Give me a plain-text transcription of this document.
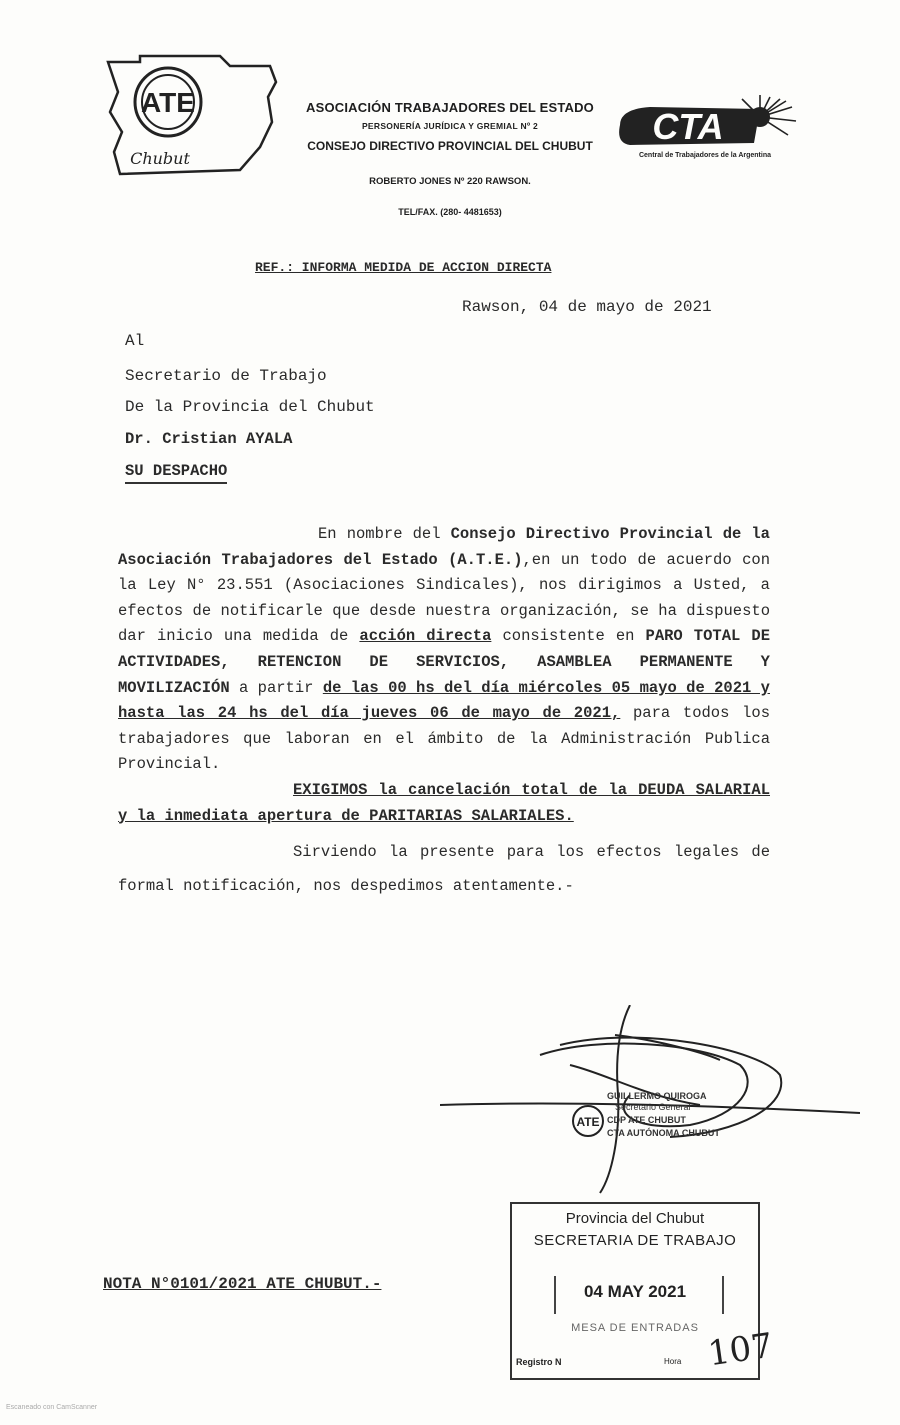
ATE
Chubut
ASOCIACIÓN TRABAJADORES DEL ESTADO
PERSONERÍA JURÍDICA Y GREMIAL Nº 2
CONSEJO DIRECTIVO PROVINCIAL DEL CHUBUT
ROBERTO JONES Nº 220 RAWSON.
TEL/FAX. (280- 4481653)
CTA
Central de Trabajadores de la Argentina
REF.: INFORMA MEDIDA DE ACCION DIRECTA
Rawson, 04 de mayo de 2021
Al
Secretario de Trabajo
De la Provincia del Chubut
Dr. Cristian AYALA
SU DESPACHO

En nombre del Consejo Directivo Provincial de la Asociación Trabajadores del Estado (A.T.E.),en un todo de acuerdo con la Ley N° 23.551 (Asociaciones Sindicales), nos dirigimos a Usted, a efectos de notificarle que desde nuestra organización, se ha dispuesto dar inicio una medida de acción directa consistente en PARO TOTAL DE ACTIVIDADES, RETENCION DE SERVICIOS, ASAMBLEA PERMANENTE Y MOVILIZACIÓN a partir de las 00 hs del día miércoles 05 mayo de 2021 y hasta las 24 hs del día jueves 06 de mayo de 2021, para todos los trabajadores que laboran en el ámbito de la Administración Publica Provincial.

EXIGIMOS la cancelación total de la DEUDA SALARIAL y la inmediata apertura de PARITARIAS SALARIALES.

Sirviendo la presente para los efectos legales de formal notificación, nos despedimos atentamente.-

ATE
GUILLERMO QUIROGA
Secretario General
CDP ATE CHUBUT
CTA AUTÓNOMA CHUBUT
Provincia del Chubut
SECRETARIA DE TRABAJO
04 MAY 2021
MESA DE ENTRADAS
Registro N	Hora 107
NOTA N°0101/2021 ATE CHUBUT.-
Escaneado con CamScanner
